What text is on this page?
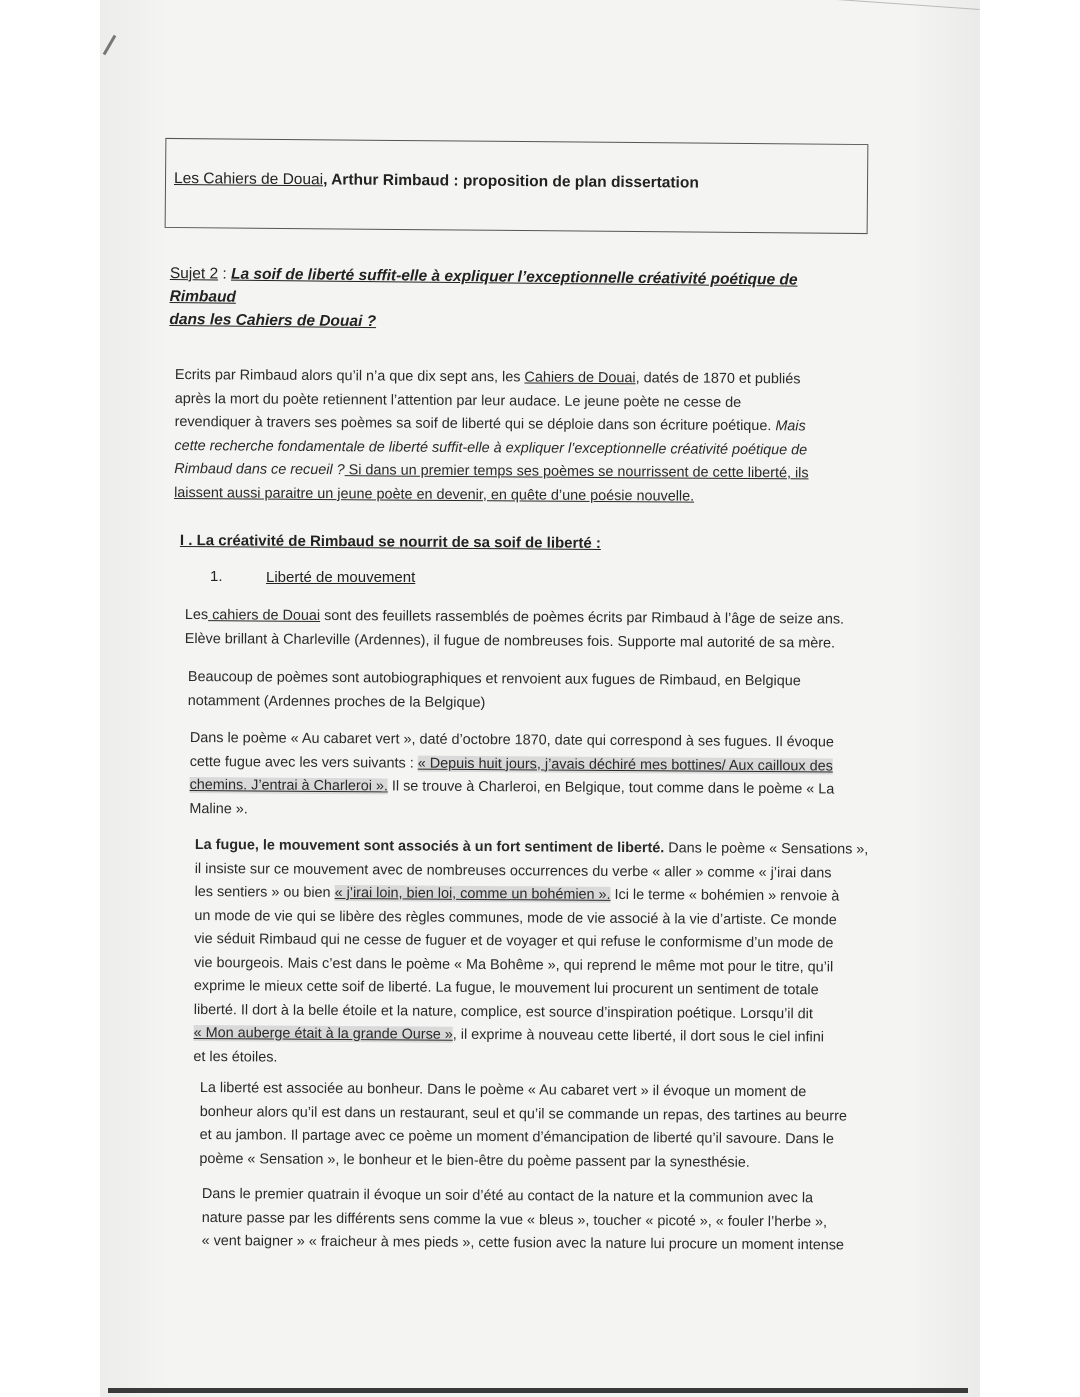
Les Cahiers de Douai, Arthur Rimbaud : proposition de plan dissertation
Sujet 2 : La soif de liberté suffit-elle à expliquer l’exceptionnelle créativité poétique de Rimbaud
dans les Cahiers de Douai ?
Ecrits par Rimbaud alors qu’il n’a que dix sept ans, les Cahiers de Douai, datés de 1870 et publiés
après la mort du poète retiennent l’attention par leur audace. Le jeune poète ne cesse de
revendiquer à travers ses poèmes sa soif de liberté qui se déploie dans son écriture poétique. Mais
cette recherche fondamentale de liberté suffit-elle à expliquer l’exceptionnelle créativité poétique de
Rimbaud dans ce recueil ? Si dans un premier temps ses poèmes se nourrissent de cette liberté, ils
laissent aussi paraitre un jeune poète en devenir, en quête d’une poésie nouvelle.
I . La créativité de Rimbaud se nourrit de sa soif de liberté :
1.	Liberté de mouvement
Les cahiers de Douai sont des feuillets rassemblés de poèmes écrits par Rimbaud à l’âge de seize ans.
Elève brillant à Charleville (Ardennes), il fugue de nombreuses fois. Supporte mal autorité de sa mère.
Beaucoup de poèmes sont autobiographiques et renvoient aux fugues de Rimbaud, en Belgique
notamment (Ardennes proches de la Belgique)
Dans le poème « Au cabaret vert », daté d’octobre 1870, date qui correspond à ses fugues. Il évoque
cette fugue avec les vers suivants : « Depuis huit jours, j’avais déchiré mes bottines/ Aux cailloux des
chemins. J’entrai à Charleroi ». Il se trouve à Charleroi, en Belgique, tout comme dans le poème « La
Maline ».
La fugue, le mouvement sont associés à un fort sentiment de liberté. Dans le poème « Sensations »,
il insiste sur ce mouvement avec de nombreuses occurrences du verbe « aller » comme « j’irai dans
les sentiers » ou bien « j’irai loin, bien loi, comme un bohémien ». Ici le terme « bohémien » renvoie à
un mode de vie qui se libère des règles communes, mode de vie associé à la vie d’artiste. Ce monde
vie séduit Rimbaud qui ne cesse de fuguer et de voyager et qui refuse le conformisme d’un mode de
vie bourgeois. Mais c’est dans le poème « Ma Bohême », qui reprend le même mot pour le titre, qu’il
exprime le mieux cette soif de liberté. La fugue, le mouvement lui procurent un sentiment de totale
liberté. Il dort à la belle étoile et la nature, complice, est source d’inspiration poétique. Lorsqu’il dit
« Mon auberge était à la grande Ourse », il exprime à nouveau cette liberté, il dort sous le ciel infini
et les étoiles.
La liberté est associée au bonheur. Dans le poème « Au cabaret vert » il évoque un moment de
bonheur alors qu’il est dans un restaurant, seul et qu’il se commande un repas, des tartines au beurre
et au jambon. Il partage avec ce poème un moment d’émancipation de liberté qu’il savoure. Dans le
poème « Sensation », le bonheur et le bien-être du poème passent par la synesthésie.
Dans le premier quatrain il évoque un soir d’été au contact de la nature et la communion avec la
nature passe par les différents sens comme la vue « bleus », toucher « picoté », « fouler l’herbe »,
« vent baigner » « fraicheur à mes pieds », cette fusion avec la nature lui procure un moment intense
